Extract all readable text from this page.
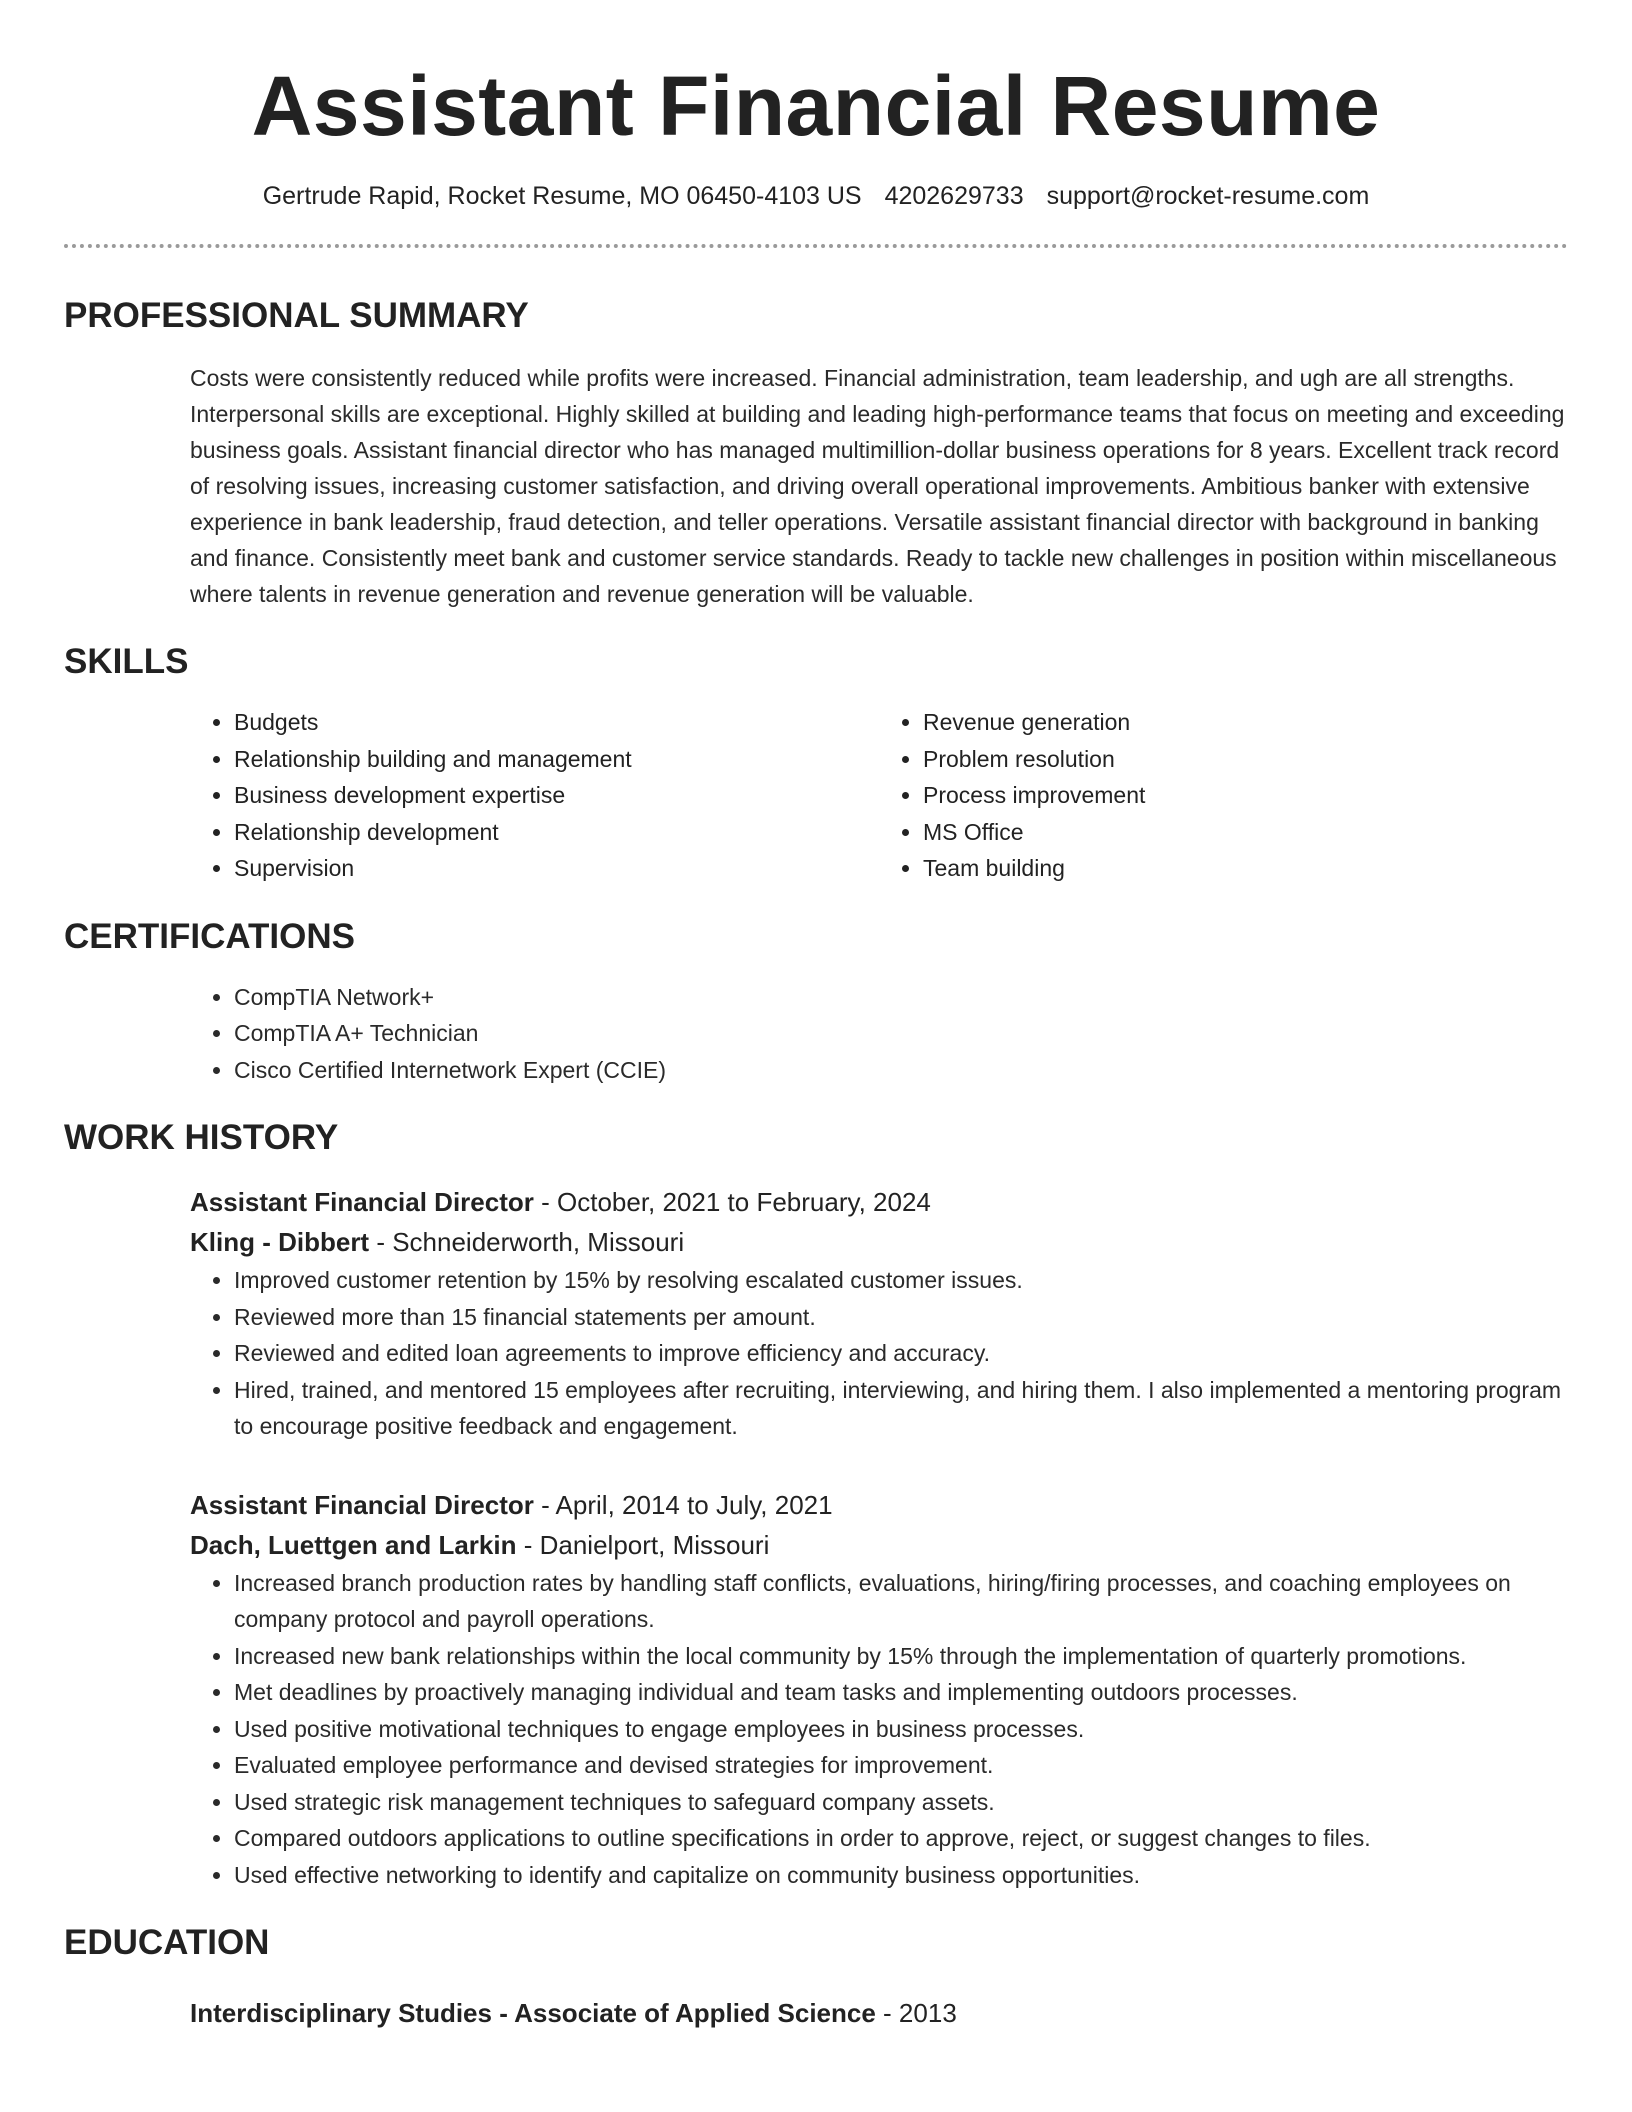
Assistant Financial Resume
Gertrude Rapid, Rocket Resume, MO 06450-4103 US 4202629733 support@rocket-resume.com
PROFESSIONAL SUMMARY

Costs were consistently reduced while profits were increased. Financial administration, team leadership, and ugh are all strengths. Interpersonal skills are exceptional. Highly skilled at building and leading high-performance teams that focus on meeting and exceeding business goals. Assistant financial director who has managed multimillion-dollar business operations for 8 years. Excellent track record of resolving issues, increasing customer satisfaction, and driving overall operational improvements. Ambitious banker with extensive experience in bank leadership, fraud detection, and teller operations. Versatile assistant financial director with background in banking and finance. Consistently meet bank and customer service standards. Ready to tackle new challenges in position within miscellaneous where talents in revenue generation and revenue generation will be valuable.

SKILLS
• Budgets
• Relationship building and management
• Business development expertise
• Relationship development
• Supervision
• Revenue generation
• Problem resolution
• Process improvement
• MS Office
• Team building
CERTIFICATIONS
• CompTIA Network+
• CompTIA A+ Technician
• Cisco Certified Internetwork Expert (CCIE)
WORK HISTORY
Assistant Financial Director - October, 2021 to February, 2024
Kling - Dibbert - Schneiderworth, Missouri
• Improved customer retention by 15% by resolving escalated customer issues.
• Reviewed more than 15 financial statements per amount.
• Reviewed and edited loan agreements to improve efficiency and accuracy.
• Hired, trained, and mentored 15 employees after recruiting, interviewing, and hiring them. I also implemented a mentoring program to encourage positive feedback and engagement.
Assistant Financial Director - April, 2014 to July, 2021
Dach, Luettgen and Larkin - Danielport, Missouri
• Increased branch production rates by handling staff conflicts, evaluations, hiring/firing processes, and coaching employees on company protocol and payroll operations.
• Increased new bank relationships within the local community by 15% through the implementation of quarterly promotions.
• Met deadlines by proactively managing individual and team tasks and implementing outdoors processes.
• Used positive motivational techniques to engage employees in business processes.
• Evaluated employee performance and devised strategies for improvement.
• Used strategic risk management techniques to safeguard company assets.
• Compared outdoors applications to outline specifications in order to approve, reject, or suggest changes to files.
• Used effective networking to identify and capitalize on community business opportunities.
EDUCATION
Interdisciplinary Studies - Associate of Applied Science - 2013
